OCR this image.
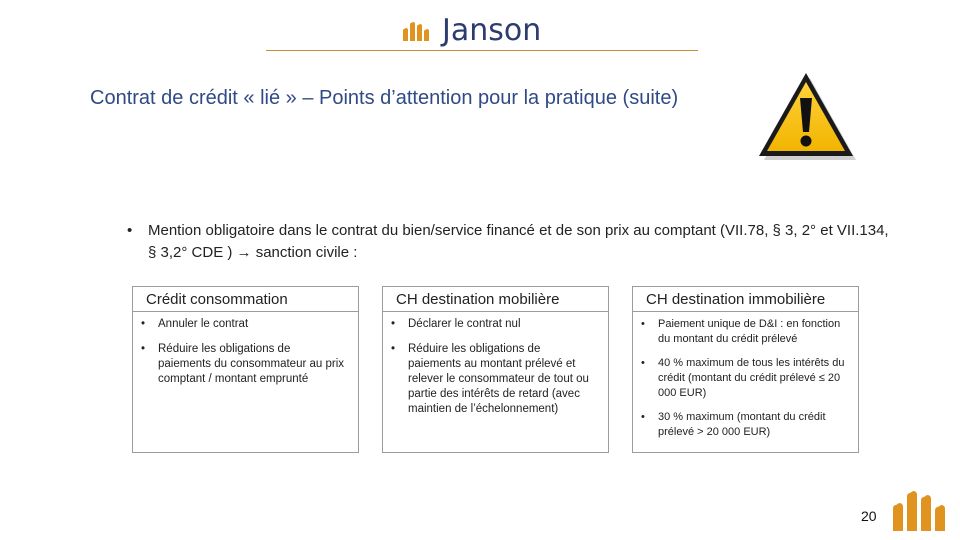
Janson
Contrat de crédit « lié » – Points d’attention pour la pratique (suite)
• Mention obligatoire dans le contrat du bien/service financé et de son prix au comptant (VII.78, § 3, 2° et VII.134, § 3,2° CDE ) → sanction civile :
Crédit consommation
• Annuler le contrat
• Réduire les obligations de paiements du consommateur au prix comptant / montant emprunté
CH destination mobilière
• Déclarer le contrat nul
• Réduire les obligations de paiements au montant prélevé et relever le consommateur de tout ou partie des intérêts de retard (avec maintien de l’échelonnement)
CH destination immobilière
• Paiement unique de D&I : en fonction du montant du crédit prélevé
• 40 % maximum de tous les intérêts du crédit (montant du crédit prélevé ≤ 20 000 EUR)
• 30 % maximum (montant du crédit prélevé > 20 000 EUR)
20
